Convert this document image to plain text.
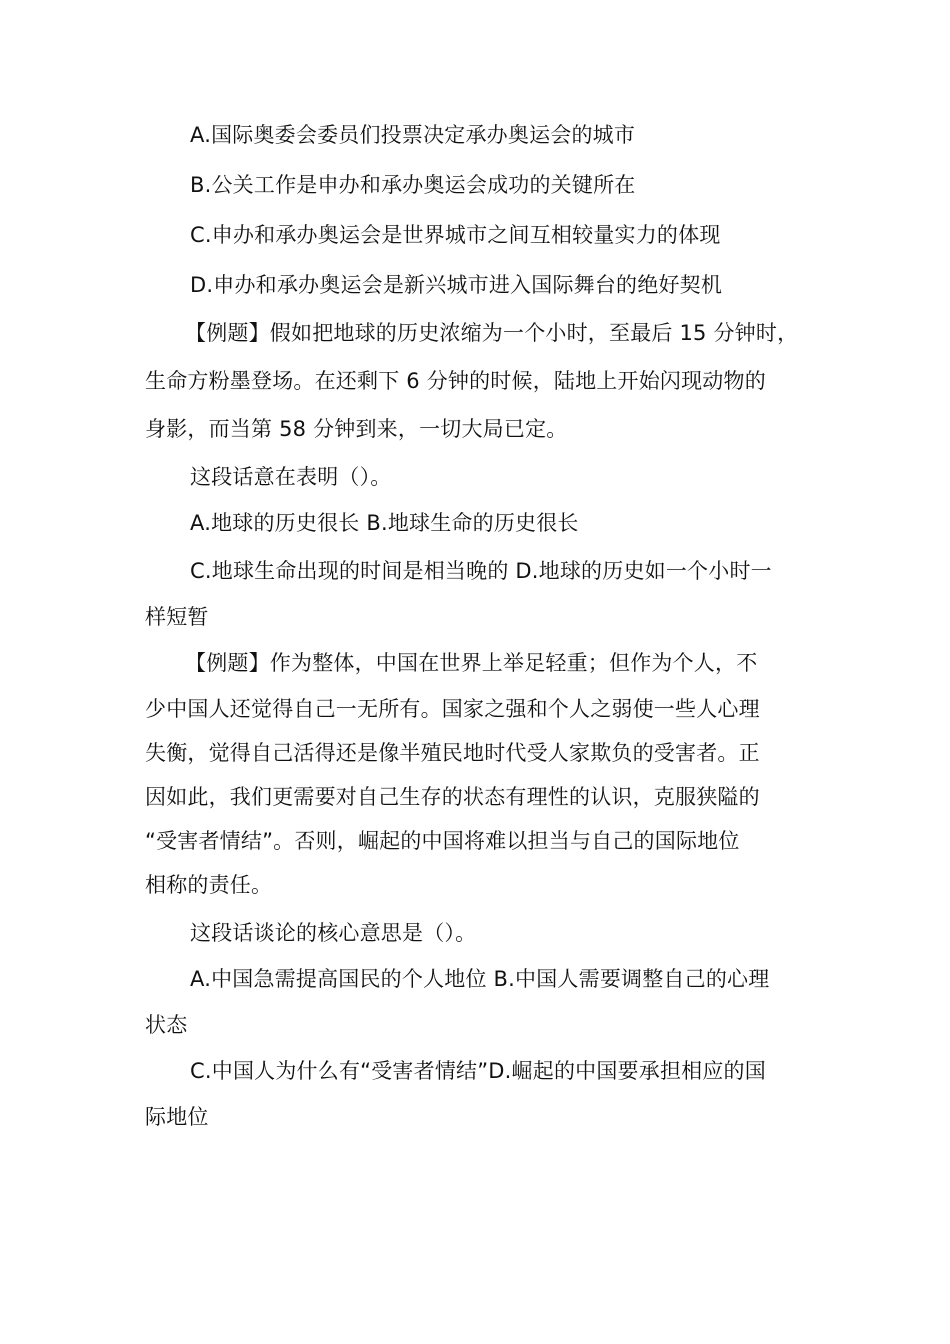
A.国际奥委会委员们投票决定承办奥运会的城市
B.公关工作是申办和承办奥运会成功的关键所在
C.申办和承办奥运会是世界城市之间互相较量实力的体现
D.申办和承办奥运会是新兴城市进入国际舞台的绝好契机
【例题】假如把地球的历史浓缩为一个小时，至最后 15 分钟时，
生命方粉墨登场。在还剩下 6 分钟的时候，陆地上开始闪现动物的
身影，而当第 58 分钟到来，一切大局已定。
这段话意在表明（）。
A.地球的历史很长 B.地球生命的历史很长
C.地球生命出现的时间是相当晚的 D.地球的历史如一个小时一
样短暂
【例题】作为整体，中国在世界上举足轻重；但作为个人，不
少中国人还觉得自己一无所有。国家之强和个人之弱使一些人心理
失衡，觉得自己活得还是像半殖民地时代受人家欺负的受害者。正
因如此，我们更需要对自己生存的状态有理性的认识，克服狭隘的
“受害者情结”。否则，崛起的中国将难以担当与自己的国际地位
相称的责任。
这段话谈论的核心意思是（）。
A.中国急需提高国民的个人地位 B.中国人需要调整自己的心理
状态
C.中国人为什么有“受害者情结”D.崛起的中国要承担相应的国
际地位
